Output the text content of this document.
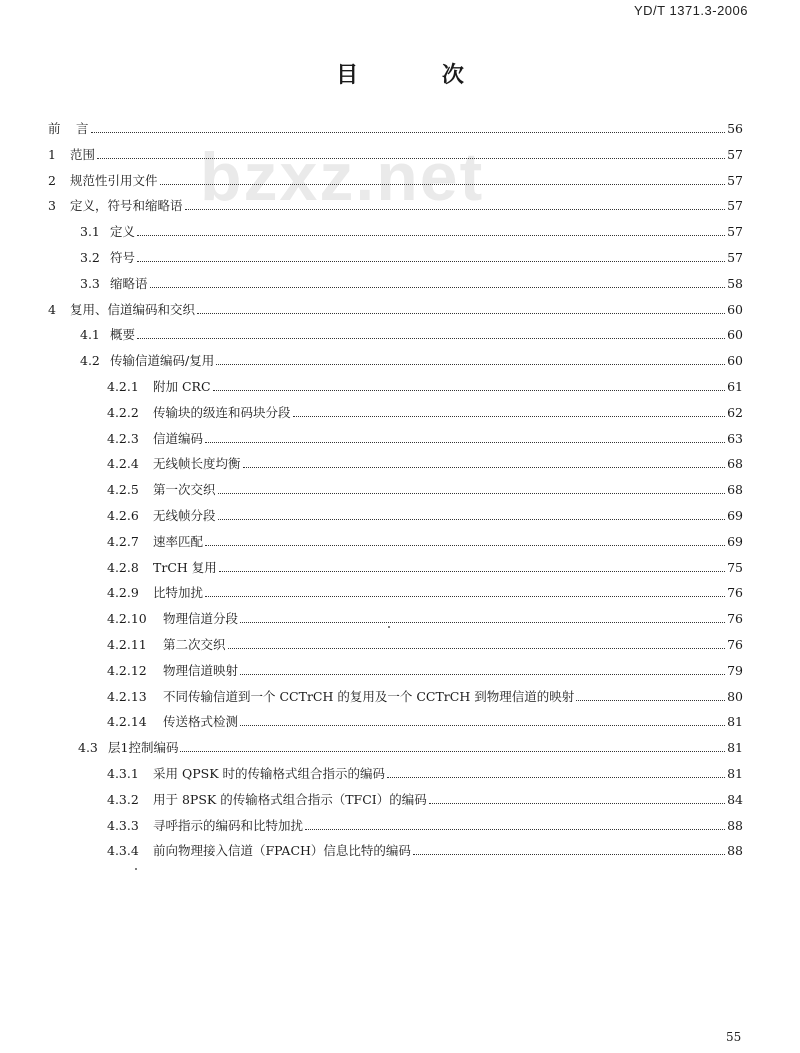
YD/T 1371.3-2006
目 次
bzxz.net
前	言	56
1	范围	57
2	规范性引用文件	57
3	定义，符号和缩略语	57
3.1 定义	57
3.2 符号	57
3.3 缩略语	58
4	复用、信道编码和交织	60
4.1 概要	60
4.2 传输信道编码/复用	60
4.2.1	附加 CRC	61
4.2.2	传输块的级连和码块分段	62
4.2.3	信道编码	63
4.2.4	无线帧长度均衡	68
4.2.5	第一次交织	68
4.2.6	无线帧分段	69
4.2.7	速率匹配	69
4.2.8	TrCH 复用	75
4.2.9	比特加扰	76
4.2.10	物理信道分段	76
4.2.11	第二次交织	76
4.2.12	物理信道映射	79
4.2.13	不同传输信道到一个 CCTrCH 的复用及一个 CCTrCH 到物理信道的映射	80
4.2.14	传送格式检测	81
4.3 层1控制编码	81
4.3.1	采用 QPSK 时的传输格式组合指示的编码	81
4.3.2	用于 8PSK 的传输格式组合指示（TFCI）的编码	84
4.3.3	寻呼指示的编码和比特加扰	88
4.3.4	前向物理接入信道（FPACH）信息比特的编码	88
55
